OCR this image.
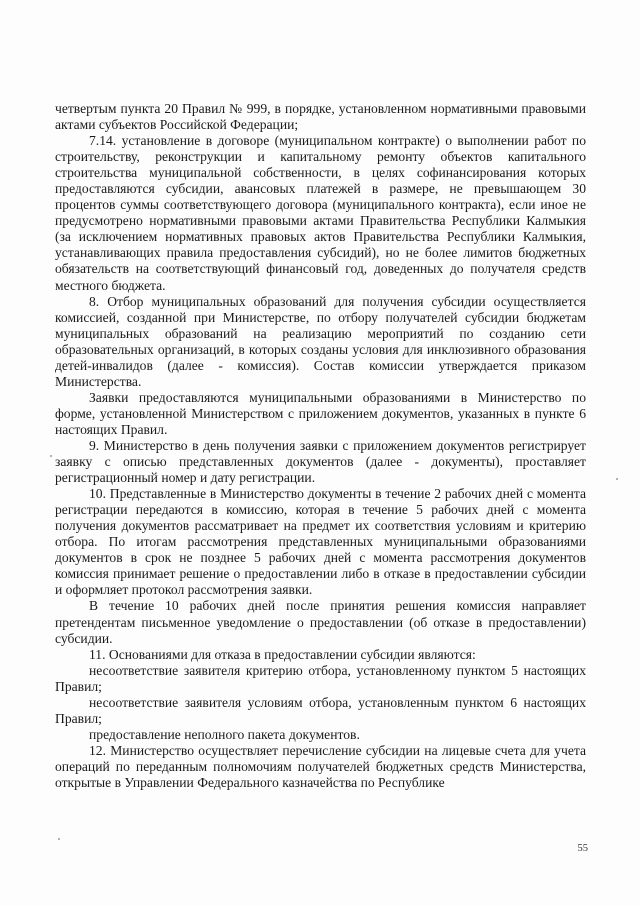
четвертым пункта 20 Правил № 999, в порядке, установленном нормативными правовыми актами субъектов Российской Федерации;

7.14. установление в договоре (муниципальном контракте) о выполнении работ по строительству, реконструкции и капитальному ремонту объектов капитального строительства муниципальной собственности, в целях софинансирования которых предоставляются субсидии, авансовых платежей в размере, не превышающем 30 процентов суммы соответствующего договора (муниципального контракта), если иное не предусмотрено нормативными правовыми актами Правительства Республики Калмыкия (за исключением нормативных правовых актов Правительства Республики Калмыкия, устанавливающих правила предоставления субсидий), но не более лимитов бюджетных обязательств на соответствующий финансовый год, доведенных до получателя средств местного бюджета.

8. Отбор муниципальных образований для получения субсидии осуществляется комиссией, созданной при Министерстве, по отбору получателей субсидии бюджетам муниципальных образований на реализацию мероприятий по созданию сети образовательных организаций, в которых созданы условия для инклюзивного образования детей-инвалидов (далее - комиссия). Состав комиссии утверждается приказом Министерства.

Заявки предоставляются муниципальными образованиями в Министерство по форме, установленной Министерством с приложением документов, указанных в пункте 6 настоящих Правил.

9. Министерство в день получения заявки с приложением документов регистрирует заявку с описью представленных документов (далее - документы), проставляет регистрационный номер и дату регистрации.

10. Представленные в Министерство документы в течение 2 рабочих дней с момента регистрации передаются в комиссию, которая в течение 5 рабочих дней с момента получения документов рассматривает на предмет их соответствия условиям и критерию отбора. По итогам рассмотрения представленных муниципальными образованиями документов в срок не позднее 5 рабочих дней с момента рассмотрения документов комиссия принимает решение о предоставлении либо в отказе в предоставлении субсидии и оформляет протокол рассмотрения заявки.

В течение 10 рабочих дней после принятия решения комиссия направляет претендентам письменное уведомление о предоставлении (об отказе в предоставлении) субсидии.

11. Основаниями для отказа в предоставлении субсидии являются:

несоответствие заявителя критерию отбора, установленному пунктом 5 настоящих Правил;

несоответствие заявителя условиям отбора, установленным пунктом 6 настоящих Правил;

предоставление неполного пакета документов.

12. Министерство осуществляет перечисление субсидии на лицевые счета для учета операций по переданным полномочиям получателей бюджетных средств Министерства, открытые в Управлении Федерального казначейства по Республике

55
